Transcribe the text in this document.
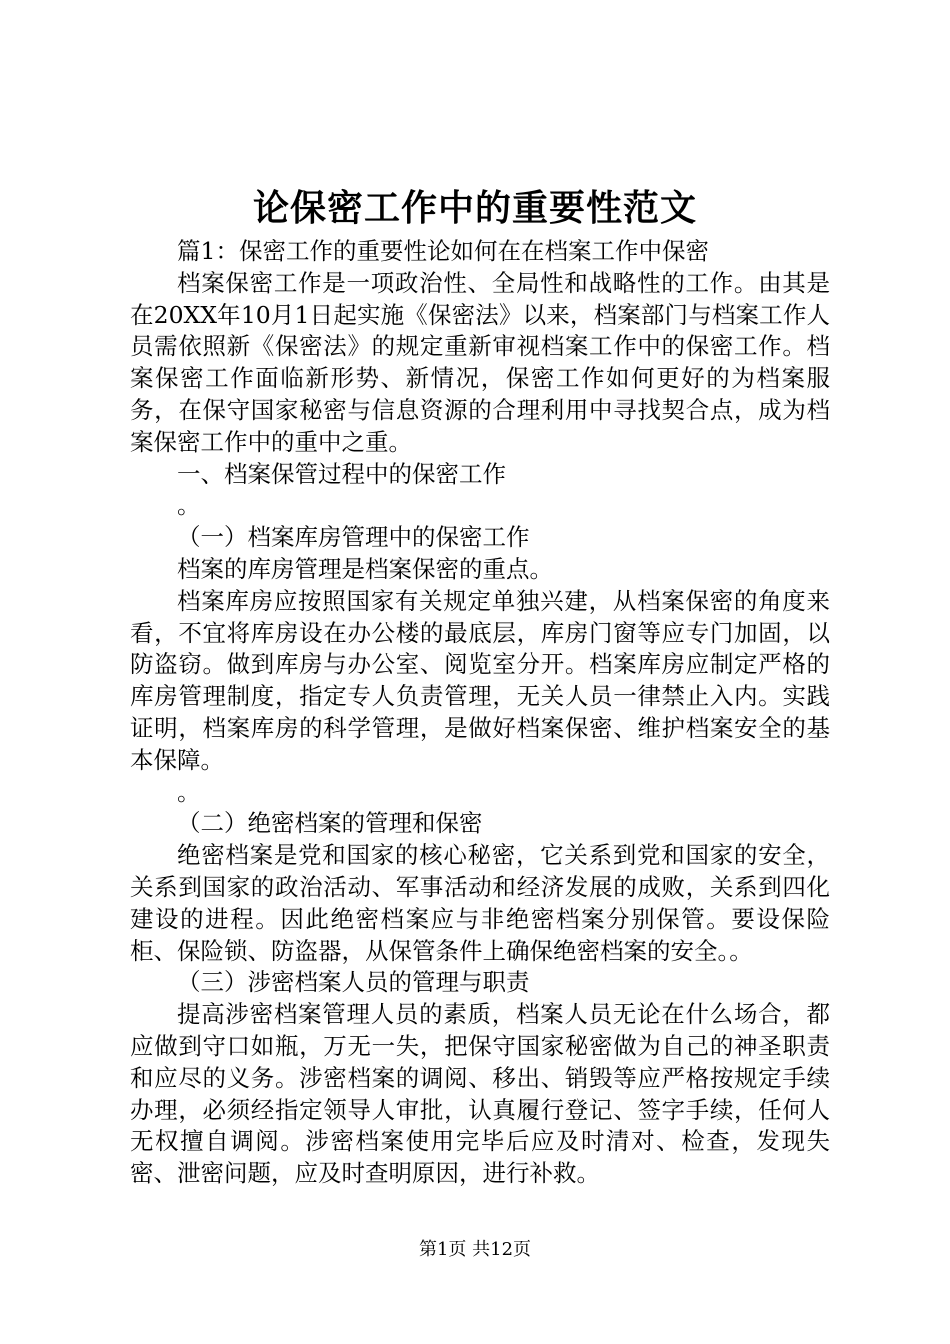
论保密工作中的重要性范文

篇1：保密工作的重要性论如何在在档案工作中保密

档案保密工作是一项政治性、全局性和战略性的工作。由其是在20XX年10月1日起实施《保密法》以来，档案部门与档案工作人员需依照新《保密法》的规定重新审视档案工作中的保密工作。档案保密工作面临新形势、新情况，保密工作如何更好的为档案服务，在保守国家秘密与信息资源的合理利用中寻找契合点，成为档案保密工作中的重中之重。

一、档案保管过程中的保密工作

。

（一）档案库房管理中的保密工作

档案的库房管理是档案保密的重点。

档案库房应按照国家有关规定单独兴建，从档案保密的角度来看，不宜将库房设在办公楼的最底层，库房门窗等应专门加固，以防盗窃。做到库房与办公室、阅览室分开。档案库房应制定严格的库房管理制度，指定专人负责管理，无关人员一律禁止入内。实践证明，档案库房的科学管理，是做好档案保密、维护档案安全的基本保障。

。

（二）绝密档案的管理和保密

绝密档案是党和国家的核心秘密，它关系到党和国家的安全，关系到国家的政治活动、军事活动和经济发展的成败，关系到四化建设的进程。因此绝密档案应与非绝密档案分别保管。要设保险柜、保险锁、防盗器，从保管条件上确保绝密档案的安全。。

（三）涉密档案人员的管理与职责

提高涉密档案管理人员的素质，档案人员无论在什么场合，都应做到守口如瓶，万无一失，把保守国家秘密做为自己的神圣职责和应尽的义务。涉密档案的调阅、移出、销毁等应严格按规定手续办理，必须经指定领导人审批，认真履行登记、签字手续，任何人无权擅自调阅。涉密档案使用完毕后应及时清对、检查，发现失密、泄密问题，应及时查明原因，进行补救。

第1页 共12页
